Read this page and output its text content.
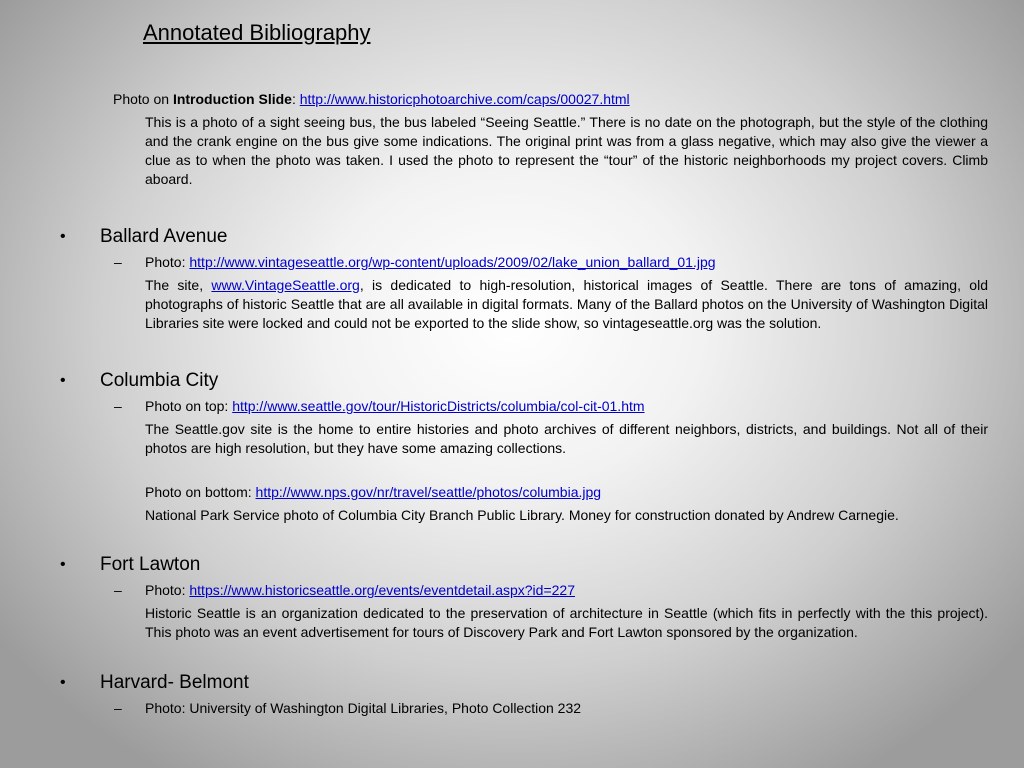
Annotated Bibliography
Photo on Introduction Slide: http://www.historicphotoarchive.com/caps/00027.html

This is a photo of a sight seeing bus, the bus labeled “Seeing Seattle.” There is no date on the photograph, but the style of the clothing and the crank engine on the bus give some indications. The original print was from a glass negative, which may also give the viewer a clue as to when the photo was taken. I used the photo to represent the “tour” of the historic neighborhoods my project covers. Climb aboard.

• Ballard Avenue
– Photo: http://www.vintageseattle.org/wp-content/uploads/2009/02/lake_union_ballard_01.jpg

The site, www.VintageSeattle.org, is dedicated to high-resolution, historical images of Seattle. There are tons of amazing, old photographs of historic Seattle that are all available in digital formats. Many of the Ballard photos on the University of Washington Digital Libraries site were locked and could not be exported to the slide show, so vintageseattle.org was the solution.

• Columbia City
– Photo on top: http://www.seattle.gov/tour/HistoricDistricts/columbia/col-cit-01.htm

The Seattle.gov site is the home to entire histories and photo archives of different neighbors, districts, and buildings. Not all of their photos are high resolution, but they have some amazing collections.

Photo on bottom: http://www.nps.gov/nr/travel/seattle/photos/columbia.jpg
National Park Service photo of Columbia City Branch Public Library. Money for construction donated by Andrew Carnegie.
• Fort Lawton
– Photo: https://www.historicseattle.org/events/eventdetail.aspx?id=227

Historic Seattle is an organization dedicated to the preservation of architecture in Seattle (which fits in perfectly with the this project). This photo was an event advertisement for tours of Discovery Park and Fort Lawton sponsored by the organization.

• Harvard- Belmont
– Photo: University of Washington Digital Libraries, Photo Collection 232
